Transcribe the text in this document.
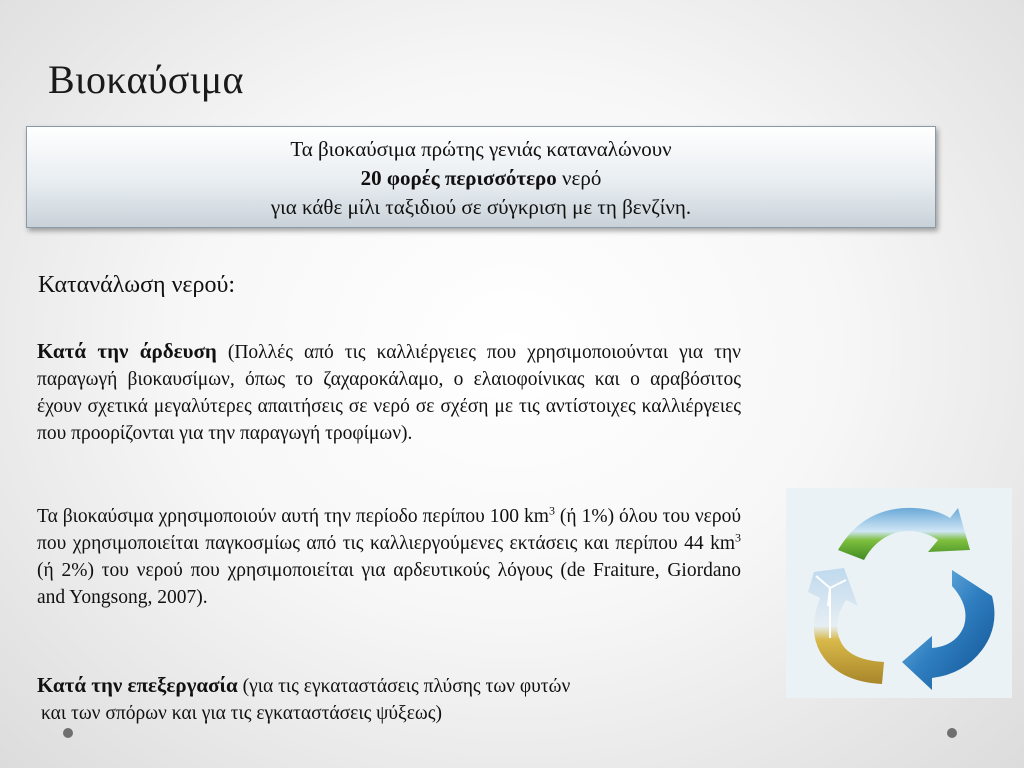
Βιοκαύσιμα
Τα βιοκαύσιμα πρώτης γενιάς καταναλώνουν
20 φορές περισσότερο νερό
για κάθε μίλι ταξιδιού σε σύγκριση με τη βενζίνη.
Κατανάλωση νερού:
Κατά την άρδευση (Πολλές από τις καλλιέργειες που χρησιμοποιούνται για την παραγωγή βιοκαυσίμων, όπως το ζαχαροκάλαμο, ο ελαιοφοίνικας και ο αραβόσιτος έχουν σχετικά μεγαλύτερες απαιτήσεις σε νερό σε σχέση με τις αντίστοιχες καλλιέργειες που προορίζονται για την παραγωγή τροφίμων).
Τα βιοκαύσιμα χρησιμοποιούν αυτή την περίοδο περίπου 100 $km^3$ (ή 1%) όλου του νερού που χρησιμοποιείται παγκοσμίως από τις καλλιεργούμενες εκτάσεις και περίπου 44 $km^3$ (ή 2%) του νερού που χρησιμοποιείται για αρδευτικούς λόγους (de Fraiture, Giordano and Yongsong, 2007).
Κατά την επεξεργασία (για τις εγκαταστάσεις πλύσης των φυτών
και των σπόρων και για τις εγκαταστάσεις ψύξεως)
